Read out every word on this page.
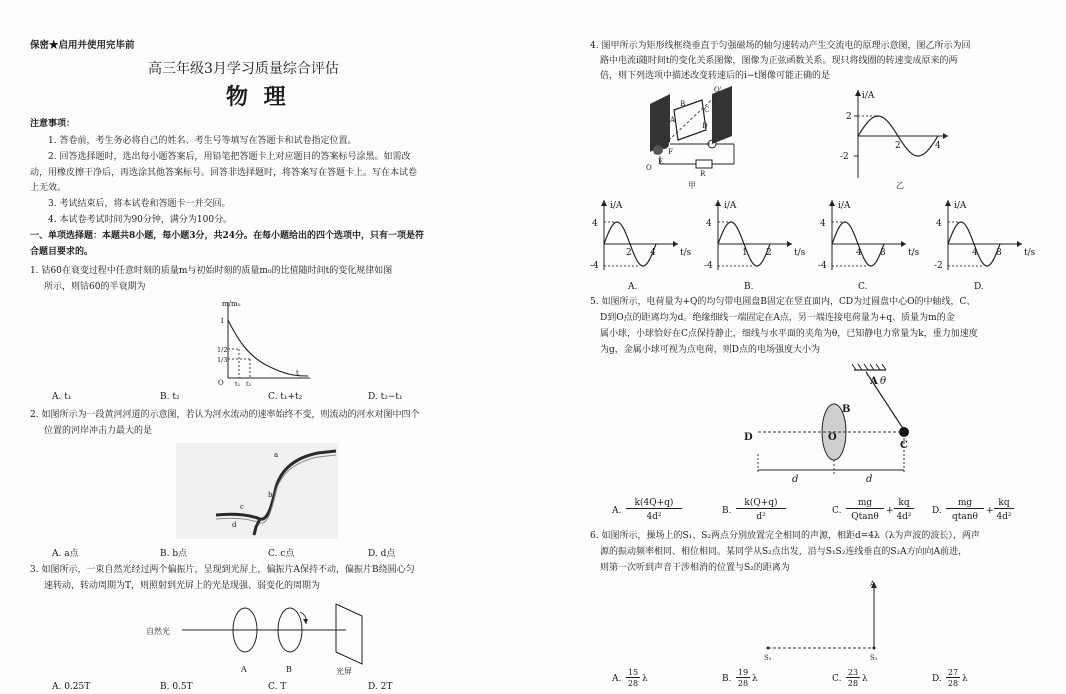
保密★启用并使用完毕前
高三年级3月学习质量综合评估
物 理
注意事项：
1. 答卷前，考生务必将自己的姓名、考生号等填写在答题卡和试卷指定位置。
2. 回答选择题时，选出每小题答案后，用铅笔把答题卡上对应题目的答案标号涂黑。如需改
动，用橡皮擦干净后，再选涂其他答案标号。回答非选择题时，将答案写在答题卡上。写在本试卷
上无效。
3. 考试结束后，将本试卷和答题卡一并交回。
4. 本试卷考试时间为90分钟，满分为100分。
一、单项选择题：本题共8小题，每小题3分，共24分。在每小题给出的四个选项中，只有一项是符
合题目要求的。
1. 钴60在衰变过程中任意时刻的质量m与初始时刻的质量m₀的比值随时间t的变化规律如图
所示，则钴60的半衰期为
m/m₀
1
1/2
1/3
O t₁ t₂
t
A. t₁	B. t₂	C. t₁+t₂	D. t₂−t₁
2. 如图所示为一段黄河河道的示意图，若认为河水流动的速率始终不变，则流动的河水对图中四个
位置的河岸冲击力最大的是
a
b
c
d
A. a点	B. b点	C. c点	D. d点
3. 如图所示，一束自然光经过两个偏振片，呈现到光屏上，偏振片A保持不动，偏振片B绕圆心匀
速转动，转动周期为T，则照射到光屏上的光是现强、弱变化的周期为
自然光
A	B	光屏
A. 0.25T	B. 0.5T	C. T	D. 2T
4. 图甲所示为矩形线框绕垂直于匀强磁场的轴匀速转动产生交流电的原理示意图，图乙所示为回
路中电流i随时间t的变化关系图像，图像为正弦函数关系。现只将线圈的转速变成原来的两
倍，则下列选项中描述改变转速后的i−t图像可能正确的是
O'
B
C
A
D
F
E
O
R
甲
i/A
2
-2
2	4
乙
i/A
4
-4
2 4	t/s
A.
i/A
4
-4
1 2 t/s
B.
i/A
4
-4
4 8 t/s
C.
i/A
4
-2
4 8 t/s
D.
5. 如图所示，电荷量为+Q的均匀带电圆盘B固定在竖直面内，CD为过圆盘中心O的中轴线，C、
D到O点的距离均为d。绝缘细线一端固定在A点，另一端连接电荷量为+q、质量为m的金
属小球，小球恰好在C点保持静止，细线与水平面的夹角为θ，已知静电力常量为k，重力加速度
为g，金属小球可视为点电荷，则D点的电场强度大小为
A θ
B
O
C
D
d	d
A.
k(4Q+q)
4d²
B.
k(Q+q)
d²
C.
mg
Qtanθ
+
kq
4d²
D.
mg
qtanθ
+
kq
4d²
6. 如图所示，操场上的S₁、S₂两点分别放置完全相同的声源，相距d=4λ（λ为声波的波长），两声
源的振动频率相同、相位相同。某同学从S₂点出发，沿与S₁S₂连线垂直的S₂A方向向A前进，
则第一次听到声音干涉相消的位置与S₂的距离为
A
S₁	S₂
A.
15
28 λ	B.
19
28 λ	C.
23
28 λ	D.
27
28 λ
